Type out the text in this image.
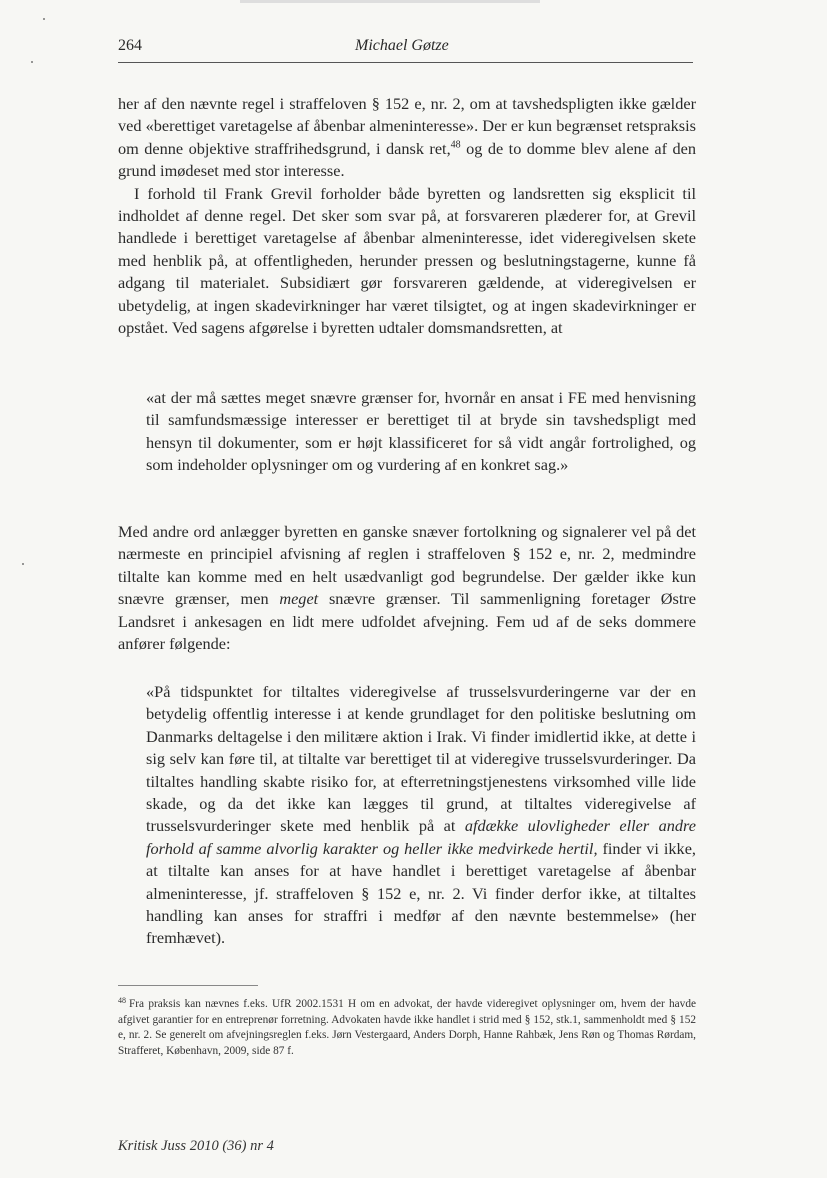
264	Michael Gøtze

her af den nævnte regel i straffeloven § 152 e, nr. 2, om at tavshedspligten ikke gælder ved «berettiget varetagelse af åbenbar almeninteresse». Der er kun begrænset retspraksis om denne objektive straffrihedsgrund, i dansk ret,$^{48}$ og de to domme blev alene af den grund imødeset med stor interesse.

I forhold til Frank Grevil forholder både byretten og landsretten sig eksplicit til indholdet af denne regel. Det sker som svar på, at forsvareren plæderer for, at Grevil handlede i berettiget varetagelse af åbenbar almeninteresse, idet videregivelsen skete med henblik på, at offentligheden, herunder pressen og beslutningstagerne, kunne få adgang til materialet. Subsidiært gør forsvareren gældende, at videregivelsen er ubetydelig, at ingen skadevirkninger har været tilsigtet, og at ingen skadevirkninger er opstået. Ved sagens afgørelse i byretten udtaler domsmandsretten, at

«at der må sættes meget snævre grænser for, hvornår en ansat i FE med henvisning til samfundsmæssige interesser er berettiget til at bryde sin tavshedspligt med hensyn til dokumenter, som er højt klassificeret for så vidt angår fortrolighed, og som indeholder oplysninger om og vurdering af en konkret sag.»

Med andre ord anlægger byretten en ganske snæver fortolkning og signalerer vel på det nærmeste en principiel afvisning af reglen i straffeloven § 152 e, nr. 2, medmindre tiltalte kan komme med en helt usædvanligt god begrundelse. Der gælder ikke kun snævre grænser, men meget snævre grænser. Til sammenligning foretager Østre Landsret i ankesagen en lidt mere udfoldet afvejning. Fem ud af de seks dommere anfører følgende:

«På tidspunktet for tiltaltes videregivelse af trusselsvurderingerne var der en betydelig offentlig interesse i at kende grundlaget for den politiske beslutning om Danmarks deltagelse i den militære aktion i Irak. Vi finder imidlertid ikke, at dette i sig selv kan føre til, at tiltalte var berettiget til at videregive trusselsvurderinger. Da tiltaltes handling skabte risiko for, at efterretningstjenestens virksomhed ville lide skade, og da det ikke kan lægges til grund, at tiltaltes videregivelse af trusselsvurderinger skete med henblik på at afdække ulovligheder eller andre forhold af samme alvorlig karakter og heller ikke medvirkede hertil, finder vi ikke, at tiltalte kan anses for at have handlet i berettiget varetagelse af åbenbar almeninteresse, jf. straffeloven § 152 e, nr. 2. Vi finder derfor ikke, at tiltaltes handling kan anses for straffri i medfør af den nævnte bestemmelse» (her fremhævet).

$^{48}$ Fra praksis kan nævnes f.eks. UfR 2002.1531 H om en advokat, der havde videregivet oplysninger om, hvem der havde afgivet garantier for en entreprenør forretning. Advokaten havde ikke handlet i strid med § 152, stk.1, sammenholdt med § 152 e, nr. 2. Se generelt om afvejningsreglen f.eks. Jørn Vestergaard, Anders Dorph, Hanne Rahbæk, Jens Røn og Thomas Rørdam, Strafferet, København, 2009, side 87 f.
Kritisk Juss 2010 (36) nr 4
